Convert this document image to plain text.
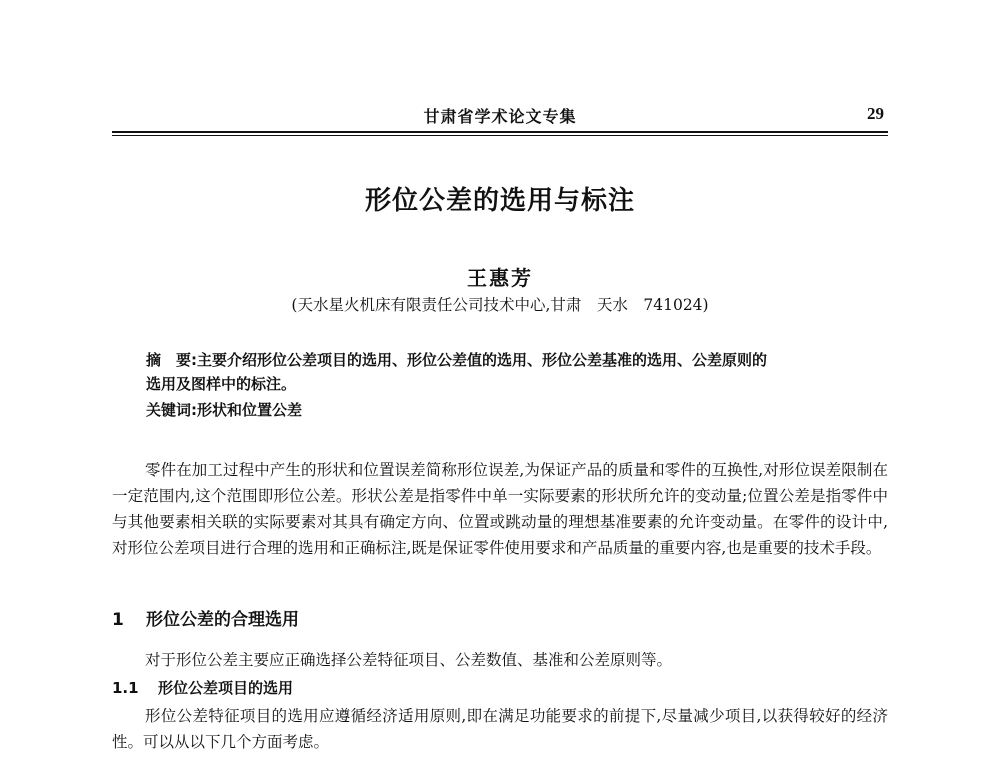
甘肃省学术论文专集	29
形位公差的选用与标注
王惠芳
(天水星火机床有限责任公司技术中心,甘肃　天水　741024)
摘　要:主要介绍形位公差项目的选用、形位公差值的选用、形位公差基准的选用、公差原则的
选用及图样中的标注。
关键词:形状和位置公差

零件在加工过程中产生的形状和位置误差简称形位误差,为保证产品的质量和零件的互换性,对形位误差限制在一定范围内,这个范围即形位公差。形状公差是指零件中单一实际要素的形状所允许的变动量;位置公差是指零件中与其他要素相关联的实际要素对其具有确定方向、位置或跳动量的理想基准要素的允许变动量。在零件的设计中,对形位公差项目进行合理的选用和正确标注,既是保证零件使用要求和产品质量的重要内容,也是重要的技术手段。

1 形位公差的合理选用

对于形位公差主要应正确选择公差特征项目、公差数值、基准和公差原则等。

1.1 形位公差项目的选用

形位公差特征项目的选用应遵循经济适用原则,即在满足功能要求的前提下,尽量减少项目,以获得较好的经济性。可以从以下几个方面考虑。
